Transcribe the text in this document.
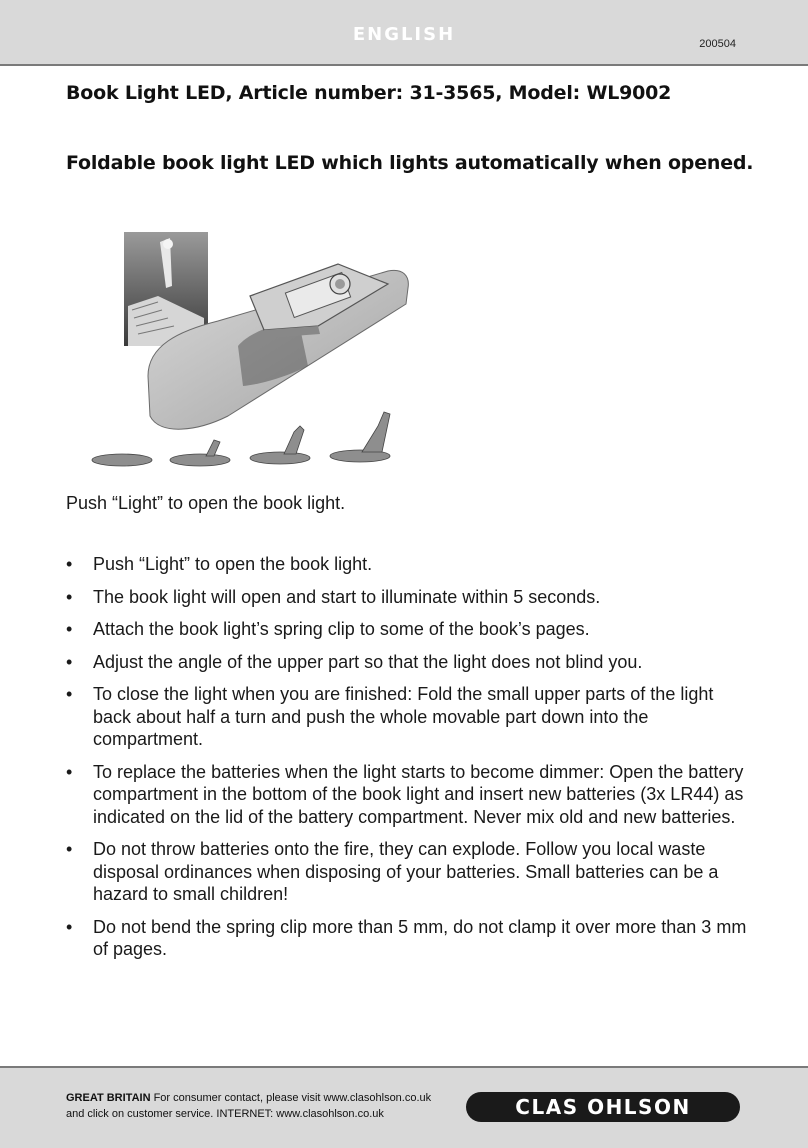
ENGLISH	200504
Book Light LED, Article number: 31-3565, Model: WL9002
Foldable book light LED which lights automatically when opened.

Push “Light” to open the book light.

• Push “Light” to open the book light.
• The book light will open and start to illuminate within 5 seconds.
• Attach the book light’s spring clip to some of the book’s pages.
• Adjust the angle of the upper part so that the light does not blind you.
• To close the light when you are finished: Fold the small upper parts of the light back about half a turn and push the whole movable part down into the compartment.
• To replace the batteries when the light starts to become dimmer: Open the battery compartment in the bottom of the book light and insert new batteries (3x LR44) as indicated on the lid of the battery compartment. Never mix old and new batteries.
• Do not throw batteries onto the fire, they can explode. Follow you local waste disposal ordinances when disposing of your batteries. Small batteries can be a hazard to small children!
• Do not bend the spring clip more than 5 mm, do not clamp it over more than 3 mm of pages.
GREAT BRITAIN For consumer contact, please visit www.clasohlson.co.uk
and click on customer service. INTERNET: www.clasohlson.co.uk	CLAS OHLSON
